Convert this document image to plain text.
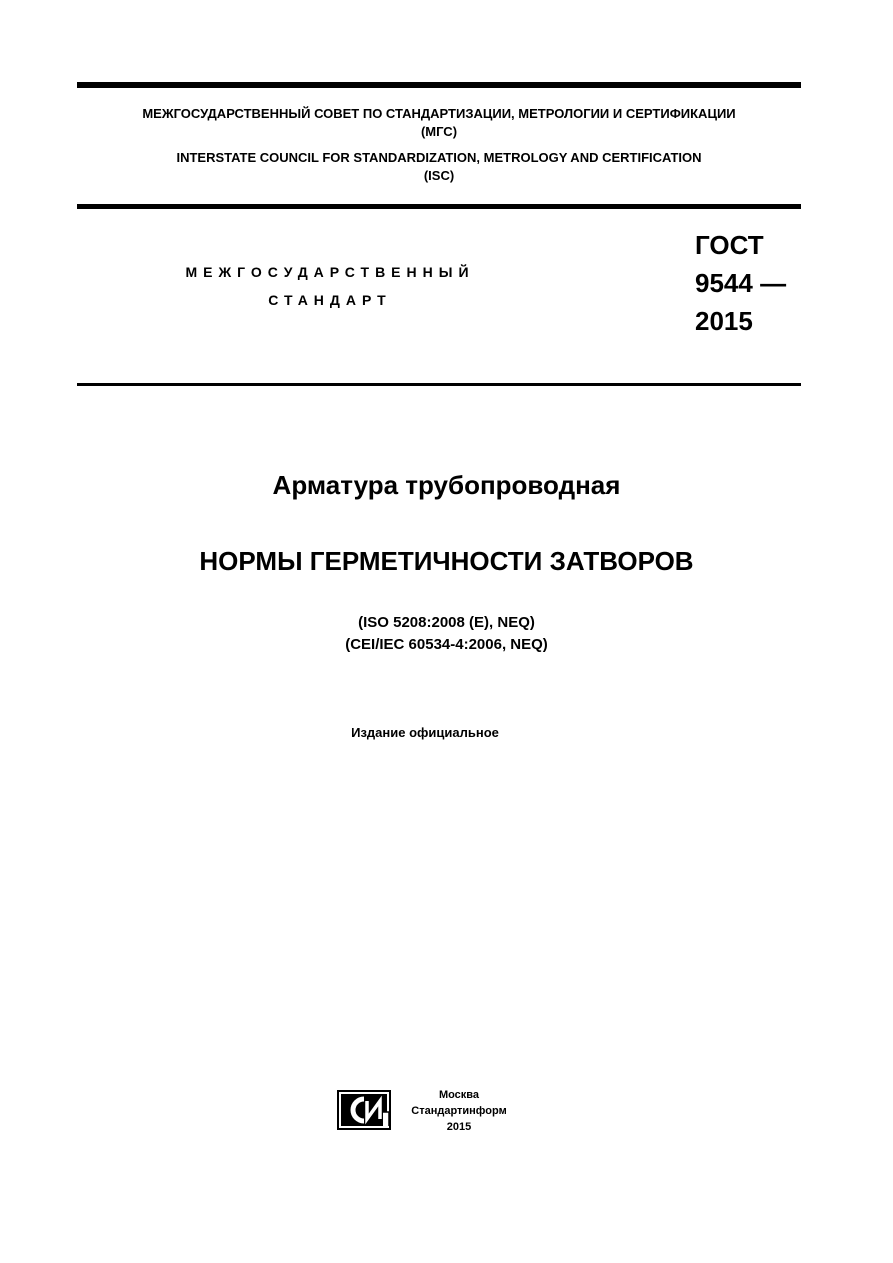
МЕЖГОСУДАРСТВЕННЫЙ СОВЕТ ПО СТАНДАРТИЗАЦИИ, МЕТРОЛОГИИ И СЕРТИФИКАЦИИ
(МГС)
INTERSTATE COUNCIL FOR STANDARDIZATION, METROLOGY AND CERTIFICATION
(ISC)
МЕЖГОСУДАРСТВЕННЫЙ
СТАНДАРТ
ГОСТ
9544 —
2015
Арматура трубопроводная
НОРМЫ ГЕРМЕТИЧНОСТИ ЗАТВОРОВ
(ISO 5208:2008 (E), NEQ)
(CEI/IEC 60534-4:2006, NEQ)
Издание официальное
Москва
Стандартинформ
2015
